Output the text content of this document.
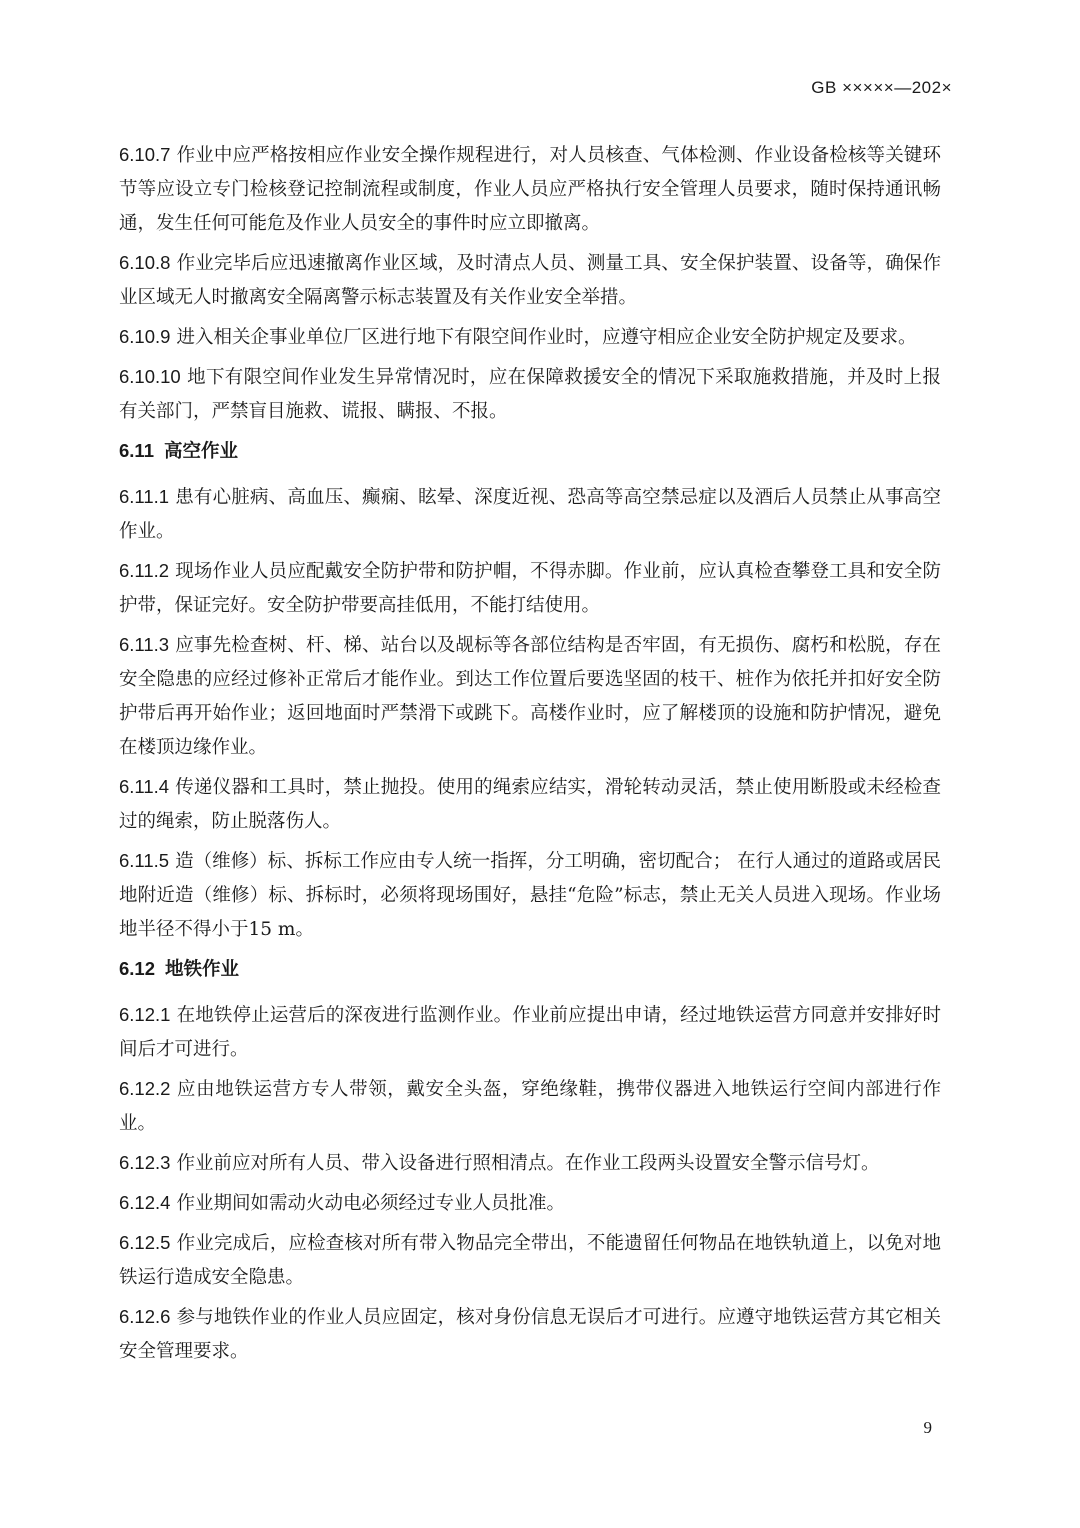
GB ×××××—202×

6.10.7 作业中应严格按相应作业安全操作规程进行，对人员核查、气体检测、作业设备检核等关键环节等应设立专门检核登记控制流程或制度，作业人员应严格执行安全管理人员要求，随时保持通讯畅通，发生任何可能危及作业人员安全的事件时应立即撤离。

6.10.8 作业完毕后应迅速撤离作业区域，及时清点人员、测量工具、安全保护装置、设备等，确保作业区域无人时撤离安全隔离警示标志装置及有关作业安全举措。

6.10.9 进入相关企事业单位厂区进行地下有限空间作业时，应遵守相应企业安全防护规定及要求。

6.10.10 地下有限空间作业发生异常情况时，应在保障救援安全的情况下采取施救措施，并及时上报有关部门，严禁盲目施救、谎报、瞒报、不报。

6.11 高空作业

6.11.1 患有心脏病、高血压、癫痫、眩晕、深度近视、恐高等高空禁忌症以及酒后人员禁止从事高空作业。

6.11.2 现场作业人员应配戴安全防护带和防护帽，不得赤脚。作业前，应认真检查攀登工具和安全防护带，保证完好。安全防护带要高挂低用，不能打结使用。

6.11.3 应事先检查树、杆、梯、站台以及觇标等各部位结构是否牢固，有无损伤、腐朽和松脱，存在安全隐患的应经过修补正常后才能作业。到达工作位置后要选坚固的枝干、桩作为依托并扣好安全防护带后再开始作业；返回地面时严禁滑下或跳下。高楼作业时，应了解楼顶的设施和防护情况，避免在楼顶边缘作业。

6.11.4 传递仪器和工具时，禁止抛投。使用的绳索应结实，滑轮转动灵活，禁止使用断股或未经检查过的绳索，防止脱落伤人。

6.11.5 造（维修）标、拆标工作应由专人统一指挥，分工明确，密切配合； 在行人通过的道路或居民地附近造（维修）标、拆标时，必须将现场围好，悬挂“危险”标志，禁止无关人员进入现场。作业场地半径不得小于15 m。

6.12 地铁作业

6.12.1 在地铁停止运营后的深夜进行监测作业。作业前应提出申请，经过地铁运营方同意并安排好时间后才可进行。

6.12.2 应由地铁运营方专人带领，戴安全头盔，穿绝缘鞋，携带仪器进入地铁运行空间内部进行作业。

6.12.3 作业前应对所有人员、带入设备进行照相清点。在作业工段两头设置安全警示信号灯。

6.12.4 作业期间如需动火动电必须经过专业人员批准。

6.12.5 作业完成后，应检查核对所有带入物品完全带出，不能遗留任何物品在地铁轨道上，以免对地铁运行造成安全隐患。

6.12.6 参与地铁作业的作业人员应固定，核对身份信息无误后才可进行。应遵守地铁运营方其它相关安全管理要求。

9
